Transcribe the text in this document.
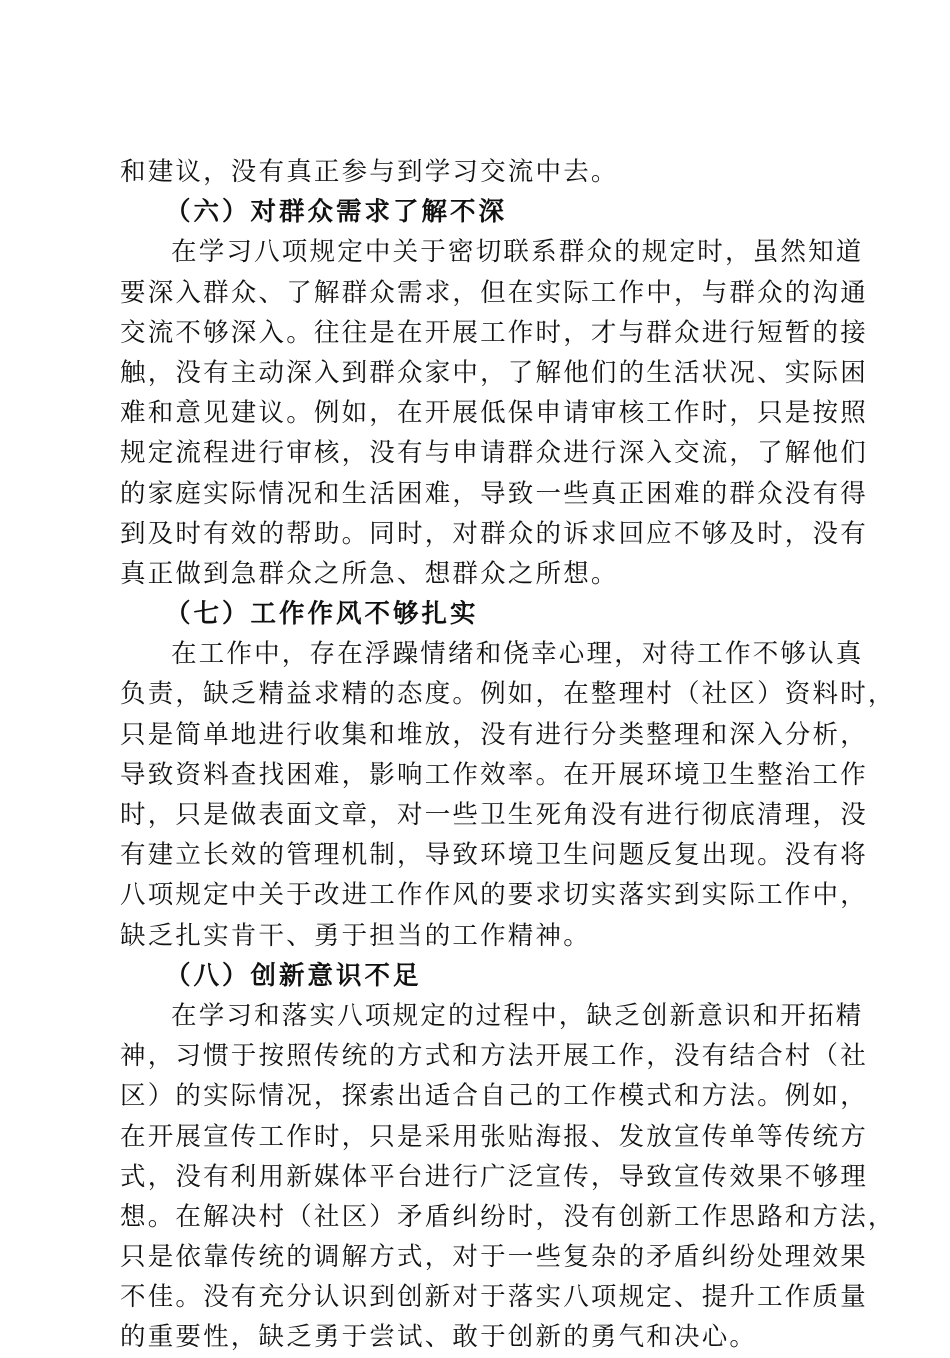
和建议，没有真正参与到学习交流中去。
（六）对群众需求了解不深
在学习八项规定中关于密切联系群众的规定时，虽然知道
要深入群众、了解群众需求，但在实际工作中，与群众的沟通
交流不够深入。往往是在开展工作时，才与群众进行短暂的接
触，没有主动深入到群众家中，了解他们的生活状况、实际困
难和意见建议。例如，在开展低保申请审核工作时，只是按照
规定流程进行审核，没有与申请群众进行深入交流，了解他们
的家庭实际情况和生活困难，导致一些真正困难的群众没有得
到及时有效的帮助。同时，对群众的诉求回应不够及时，没有
真正做到急群众之所急、想群众之所想。
（七）工作作风不够扎实
在工作中，存在浮躁情绪和侥幸心理，对待工作不够认真
负责，缺乏精益求精的态度。例如，在整理村（社区）资料时，
只是简单地进行收集和堆放，没有进行分类整理和深入分析，
导致资料查找困难，影响工作效率。在开展环境卫生整治工作
时，只是做表面文章，对一些卫生死角没有进行彻底清理，没
有建立长效的管理机制，导致环境卫生问题反复出现。没有将
八项规定中关于改进工作作风的要求切实落实到实际工作中，
缺乏扎实肯干、勇于担当的工作精神。
（八）创新意识不足
在学习和落实八项规定的过程中，缺乏创新意识和开拓精
神，习惯于按照传统的方式和方法开展工作，没有结合村（社
区）的实际情况，探索出适合自己的工作模式和方法。例如，
在开展宣传工作时，只是采用张贴海报、发放宣传单等传统方
式，没有利用新媒体平台进行广泛宣传，导致宣传效果不够理
想。在解决村（社区）矛盾纠纷时，没有创新工作思路和方法，
只是依靠传统的调解方式，对于一些复杂的矛盾纠纷处理效果
不佳。没有充分认识到创新对于落实八项规定、提升工作质量
的重要性，缺乏勇于尝试、敢于创新的勇气和决心。
